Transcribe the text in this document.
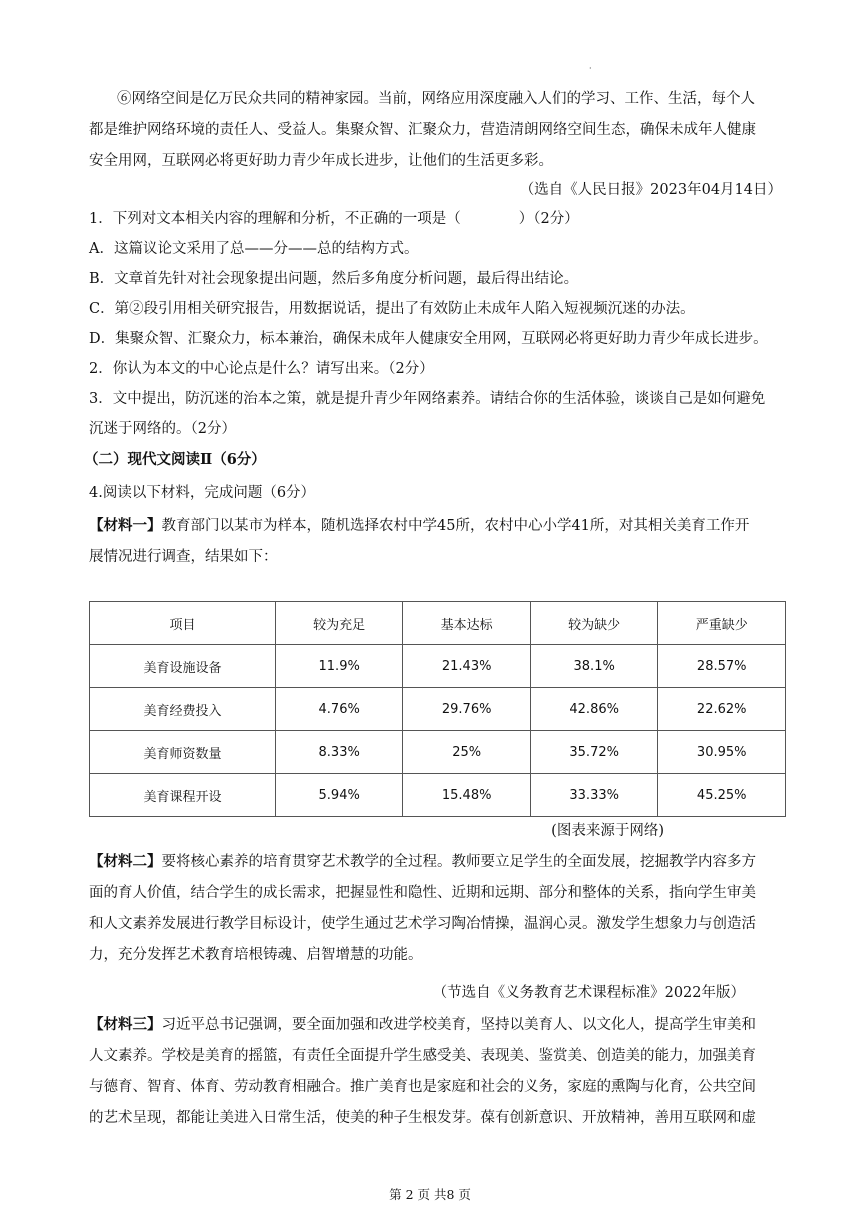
·
⑥网络空间是亿万民众共同的精神家园。当前，网络应用深度融入人们的学习、工作、生活，每个人
都是维护网络环境的责任人、受益人。集聚众智、汇聚众力，营造清朗网络空间生态，确保未成年人健康
安全用网，互联网必将更好助力青少年成长进步，让他们的生活更多彩。
（选自《人民日报》2023年04月14日）
1．下列对文本相关内容的理解和分析，不正确的一项是（　　　　）（2分）
A．这篇议论文采用了总——分——总的结构方式。
B．文章首先针对社会现象提出问题，然后多角度分析问题，最后得出结论。
C．第②段引用相关研究报告，用数据说话，提出了有效防止未成年人陷入短视频沉迷的办法。
D．集聚众智、汇聚众力，标本兼治，确保未成年人健康安全用网，互联网必将更好助力青少年成长进步。
2．你认为本文的中心论点是什么？请写出来。（2分）
3．文中提出，防沉迷的治本之策，就是提升青少年网络素养。请结合你的生活体验，谈谈自己是如何避免
沉迷于网络的。（2分）
（二）现代文阅读Ⅱ（6分）
4.阅读以下材料，完成问题（6分）
【材料一】教育部门以某市为样本，随机选择农村中学45所，农村中心小学41所，对其相关美育工作开
展情况进行调查，结果如下：
项目	较为充足	基本达标	较为缺少	严重缺少
美育设施设备	11.9%	21.43%	38.1%	28.57%
美育经费投入	4.76%	29.76%	42.86%	22.62%
美育师资数量	8.33%	25%	35.72%	30.95%
美育课程开设	5.94%	15.48%	33.33%	45.25%
(图表来源于网络)
【材料二】要将核心素养的培育贯穿艺术教学的全过程。教师要立足学生的全面发展，挖掘教学内容多方
面的育人价值，结合学生的成长需求，把握显性和隐性、近期和远期、部分和整体的关系，指向学生审美
和人文素养发展进行教学目标设计，使学生通过艺术学习陶冶情操，温润心灵。激发学生想象力与创造活
力，充分发挥艺术教育培根铸魂、启智增慧的功能。
（节选自《义务教育艺术课程标准》2022年版）
【材料三】习近平总书记强调，要全面加强和改进学校美育，坚持以美育人、以文化人，提高学生审美和
人文素养。学校是美育的摇篮，有责任全面提升学生感受美、表现美、鉴赏美、创造美的能力，加强美育
与德育、智育、体育、劳动教育相融合。推广美育也是家庭和社会的义务，家庭的熏陶与化育，公共空间
的艺术呈现，都能让美进入日常生活，使美的种子生根发芽。葆有创新意识、开放精神，善用互联网和虚
第 2 页 共8 页
